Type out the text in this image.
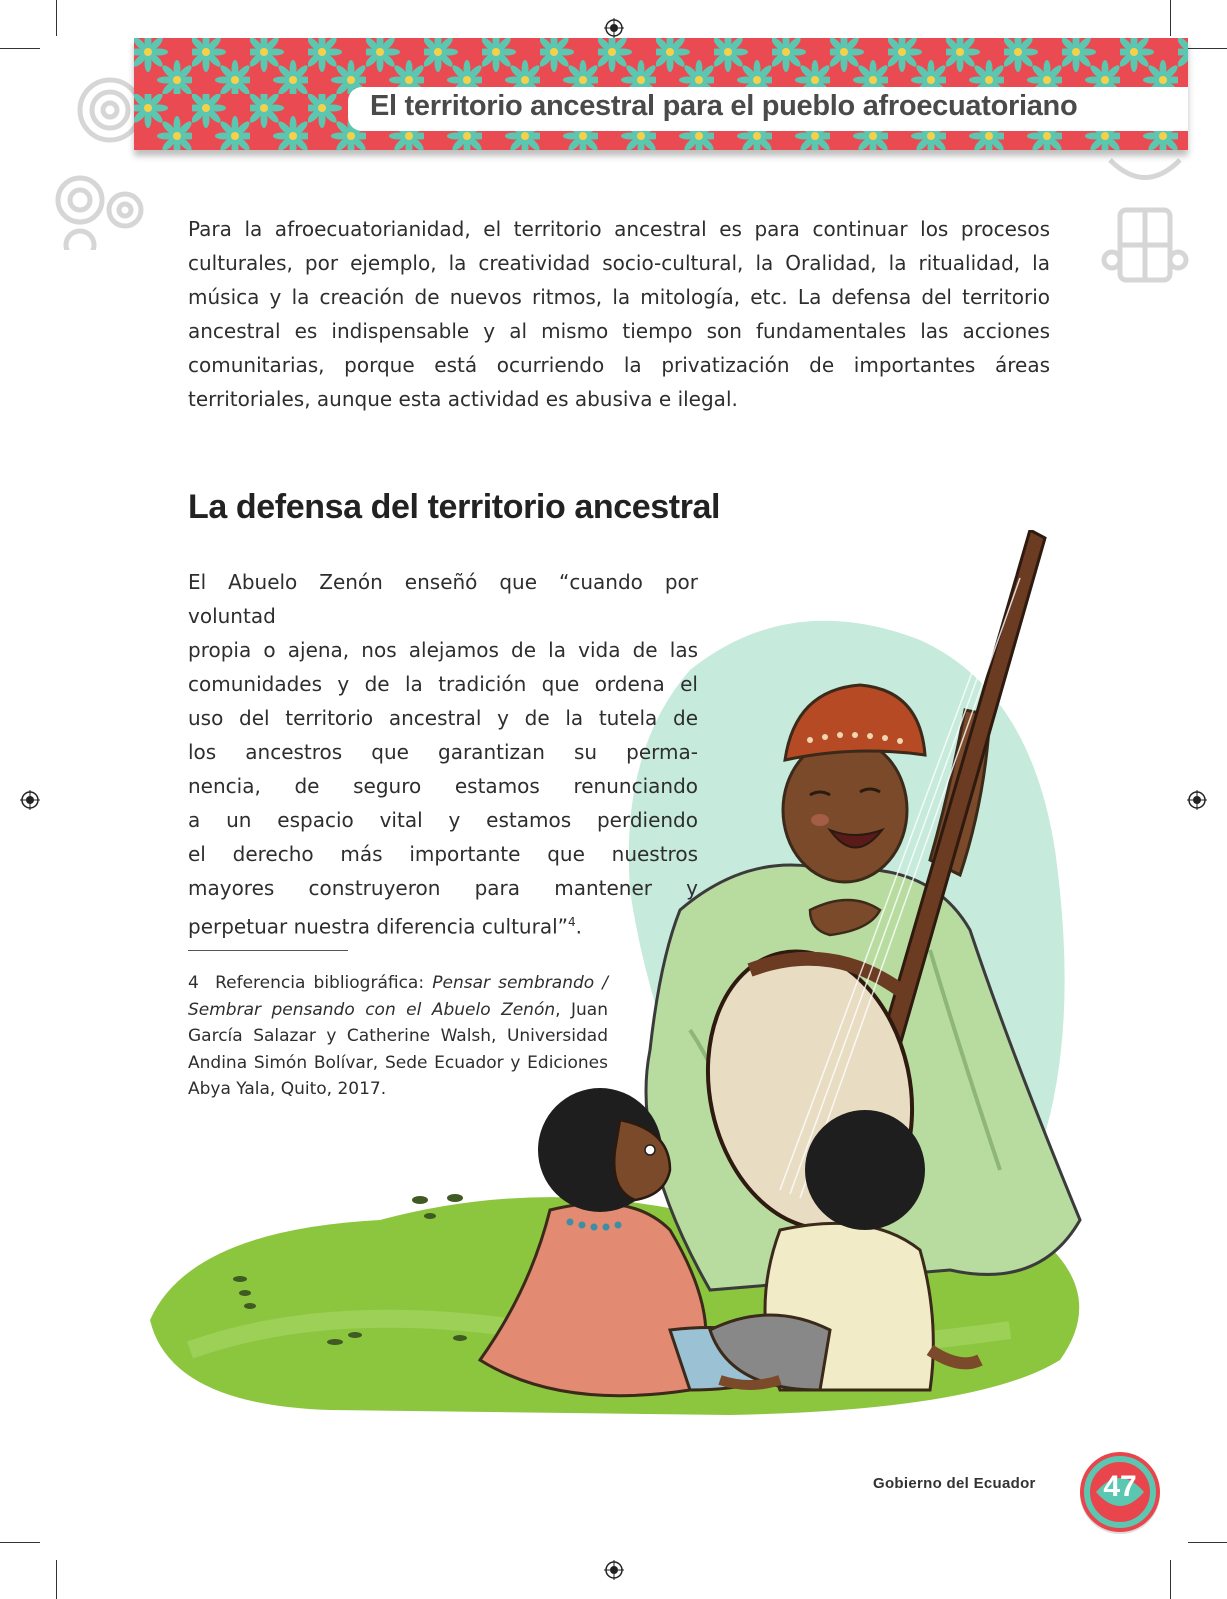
El territorio ancestral para el pueblo afroecuatoriano
Para la afroecuatorianidad, el territorio ancestral es para continuar los procesos culturales, por ejemplo, la creatividad socio-cultural, la Oralidad, la ritualidad, la música y la creación de nuevos ritmos, la mitología, etc. La defensa del territorio ancestral es indispensable y al mismo tiempo son fundamentales las acciones comunitarias, porque está ocurriendo la privatización de importantes áreas territoriales, aunque esta actividad es abusiva e ilegal.
La defensa del territorio ancestral
El Abuelo Zenón enseñó que “cuando por voluntad
propia o ajena, nos alejamos de la vida de las
comunidades y de la tradición que ordena el
uso del territorio ancestral y de la tutela de
los ancestros que garantizan su perma-
nencia, de seguro estamos renunciando
a un espacio vital y estamos perdiendo
el derecho más importante que nuestros
mayores construyeron para mantener y
perpetuar nuestra diferencia cultural”$^4$.
4 Referencia bibliográfica: Pensar sembrando / Sembrar pensando con el Abuelo Zenón, Juan García Salazar y Catherine Walsh, Universidad Andina Simón Bolívar, Sede Ecuador y Ediciones Abya Yala, Quito, 2017.
Gobierno del Ecuador	47
